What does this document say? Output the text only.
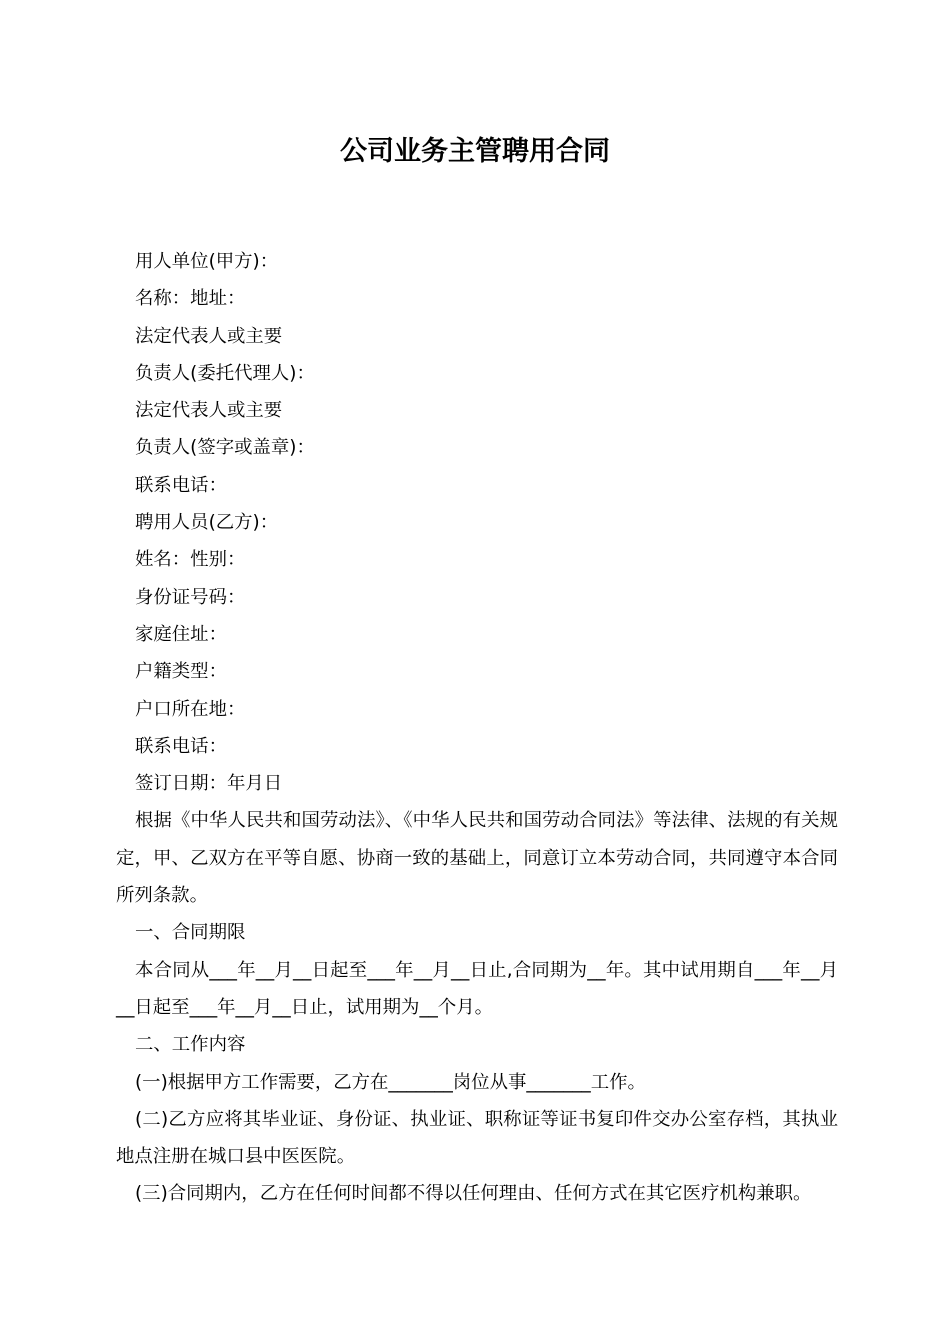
公司业务主管聘用合同
用人单位(甲方)：
名称：地址：
法定代表人或主要
负责人(委托代理人)：
法定代表人或主要
负责人(签字或盖章)：
联系电话：
聘用人员(乙方)：
姓名：性别：
身份证号码：
家庭住址：
户籍类型：
户口所在地：
联系电话：
签订日期：年月日
根据《中华人民共和国劳动法》、《中华人民共和国劳动合同法》等法律、法规的有关规定，甲、乙双方在平等自愿、协商一致的基础上，同意订立本劳动合同，共同遵守本合同所列条款。
一、合同期限
本合同从___年__月__日起至___年__月__日止,合同期为__年。其中试用期自___年__月__日起至___年__月__日止，试用期为__个月。
二、工作内容
(一)根据甲方工作需要，乙方在_______岗位从事_______工作。
(二)乙方应将其毕业证、身份证、执业证、职称证等证书复印件交办公室存档，其执业地点注册在城口县中医医院。
(三)合同期内，乙方在任何时间都不得以任何理由、任何方式在其它医疗机构兼职。
